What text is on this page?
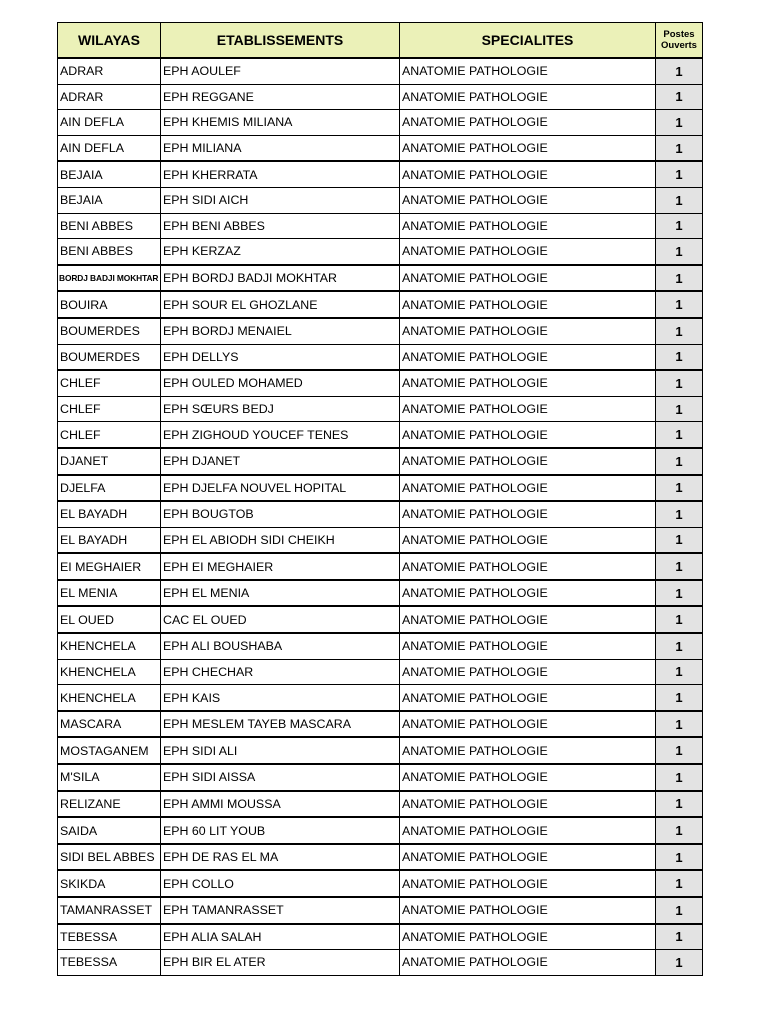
WILAYAS	ETABLISSEMENTS	SPECIALITES	Postes
Ouverts

ADRAR	EPH AOULEF	ANATOMIE PATHOLOGIE	1
ADRAR	EPH REGGANE	ANATOMIE PATHOLOGIE	1
AIN DEFLA	EPH KHEMIS MILIANA	ANATOMIE PATHOLOGIE	1
AIN DEFLA	EPH MILIANA	ANATOMIE PATHOLOGIE	1
BEJAIA	EPH KHERRATA	ANATOMIE PATHOLOGIE	1
BEJAIA	EPH SIDI AICH	ANATOMIE PATHOLOGIE	1
BENI ABBES	EPH BENI ABBES	ANATOMIE PATHOLOGIE	1
BENI ABBES	EPH KERZAZ	ANATOMIE PATHOLOGIE	1
BORDJ BADJI MOKHTAR	EPH BORDJ BADJI MOKHTAR	ANATOMIE PATHOLOGIE	1
BOUIRA	EPH SOUR EL GHOZLANE	ANATOMIE PATHOLOGIE	1
BOUMERDES	EPH BORDJ MENAIEL	ANATOMIE PATHOLOGIE	1
BOUMERDES	EPH DELLYS	ANATOMIE PATHOLOGIE	1
CHLEF	EPH OULED MOHAMED	ANATOMIE PATHOLOGIE	1
CHLEF	EPH SŒURS BEDJ	ANATOMIE PATHOLOGIE	1
CHLEF	EPH ZIGHOUD YOUCEF TENES	ANATOMIE PATHOLOGIE	1
DJANET	EPH DJANET	ANATOMIE PATHOLOGIE	1
DJELFA	EPH DJELFA NOUVEL HOPITAL	ANATOMIE PATHOLOGIE	1
EL BAYADH	EPH BOUGTOB	ANATOMIE PATHOLOGIE	1
EL BAYADH	EPH EL ABIODH SIDI CHEIKH	ANATOMIE PATHOLOGIE	1
EI MEGHAIER	EPH EI MEGHAIER	ANATOMIE PATHOLOGIE	1
EL MENIA	EPH EL MENIA	ANATOMIE PATHOLOGIE	1
EL OUED	CAC EL OUED	ANATOMIE PATHOLOGIE	1
KHENCHELA	EPH ALI BOUSHABA	ANATOMIE PATHOLOGIE	1
KHENCHELA	EPH CHECHAR	ANATOMIE PATHOLOGIE	1
KHENCHELA	EPH KAIS	ANATOMIE PATHOLOGIE	1
MASCARA	EPH MESLEM TAYEB MASCARA	ANATOMIE PATHOLOGIE	1
MOSTAGANEM	EPH SIDI ALI	ANATOMIE PATHOLOGIE	1
M'SILA	EPH SIDI AISSA	ANATOMIE PATHOLOGIE	1
RELIZANE	EPH AMMI MOUSSA	ANATOMIE PATHOLOGIE	1
SAIDA	EPH 60 LIT YOUB	ANATOMIE PATHOLOGIE	1
SIDI BEL ABBES	EPH DE RAS EL MA	ANATOMIE PATHOLOGIE	1
SKIKDA	EPH COLLO	ANATOMIE PATHOLOGIE	1
TAMANRASSET	EPH TAMANRASSET	ANATOMIE PATHOLOGIE	1
TEBESSA	EPH ALIA SALAH	ANATOMIE PATHOLOGIE	1
TEBESSA	EPH BIR EL ATER	ANATOMIE PATHOLOGIE	1
